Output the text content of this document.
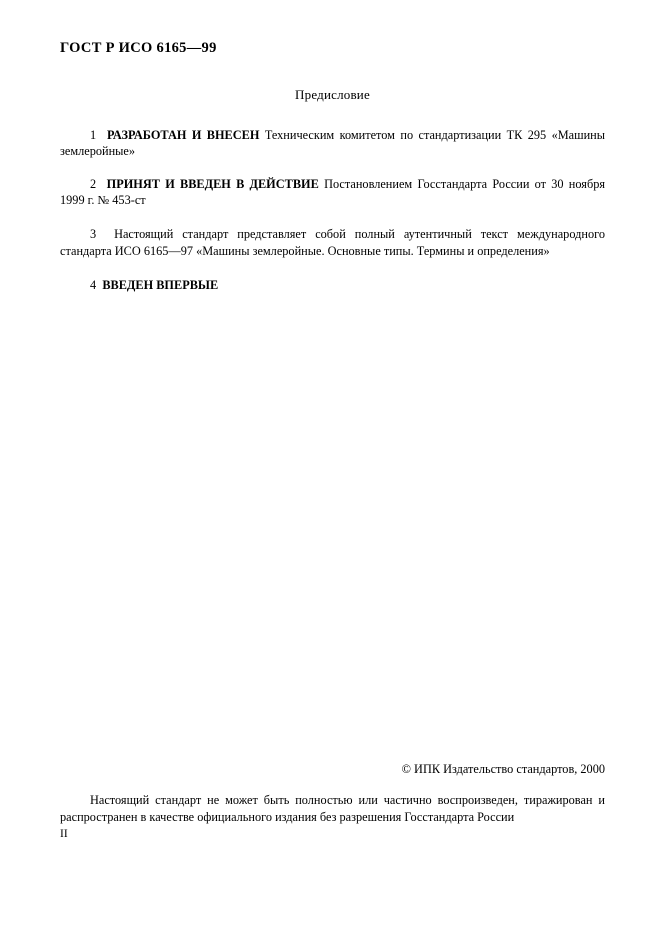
ГОСТ Р ИСО 6165—99
Предисловие

1 РАЗРАБОТАН И ВНЕСЕН Техническим комитетом по стандартизации ТК 295 «Машины землеройные»

2 ПРИНЯТ И ВВЕДЕН В ДЕЙСТВИЕ Постановлением Госстандарта России от 30 ноября 1999 г. № 453-ст

3 Настоящий стандарт представляет собой полный аутентичный текст международного стандарта ИСО 6165—97 «Машины землеройные. Основные типы. Термины и определения»

4 ВВЕДЕН ВПЕРВЫЕ

© ИПК Издательство стандартов, 2000
Настоящий стандарт не может быть полностью или частично воспроизведен, тиражирован и распространен в качестве официального издания без разрешения Госстандарта России
II
